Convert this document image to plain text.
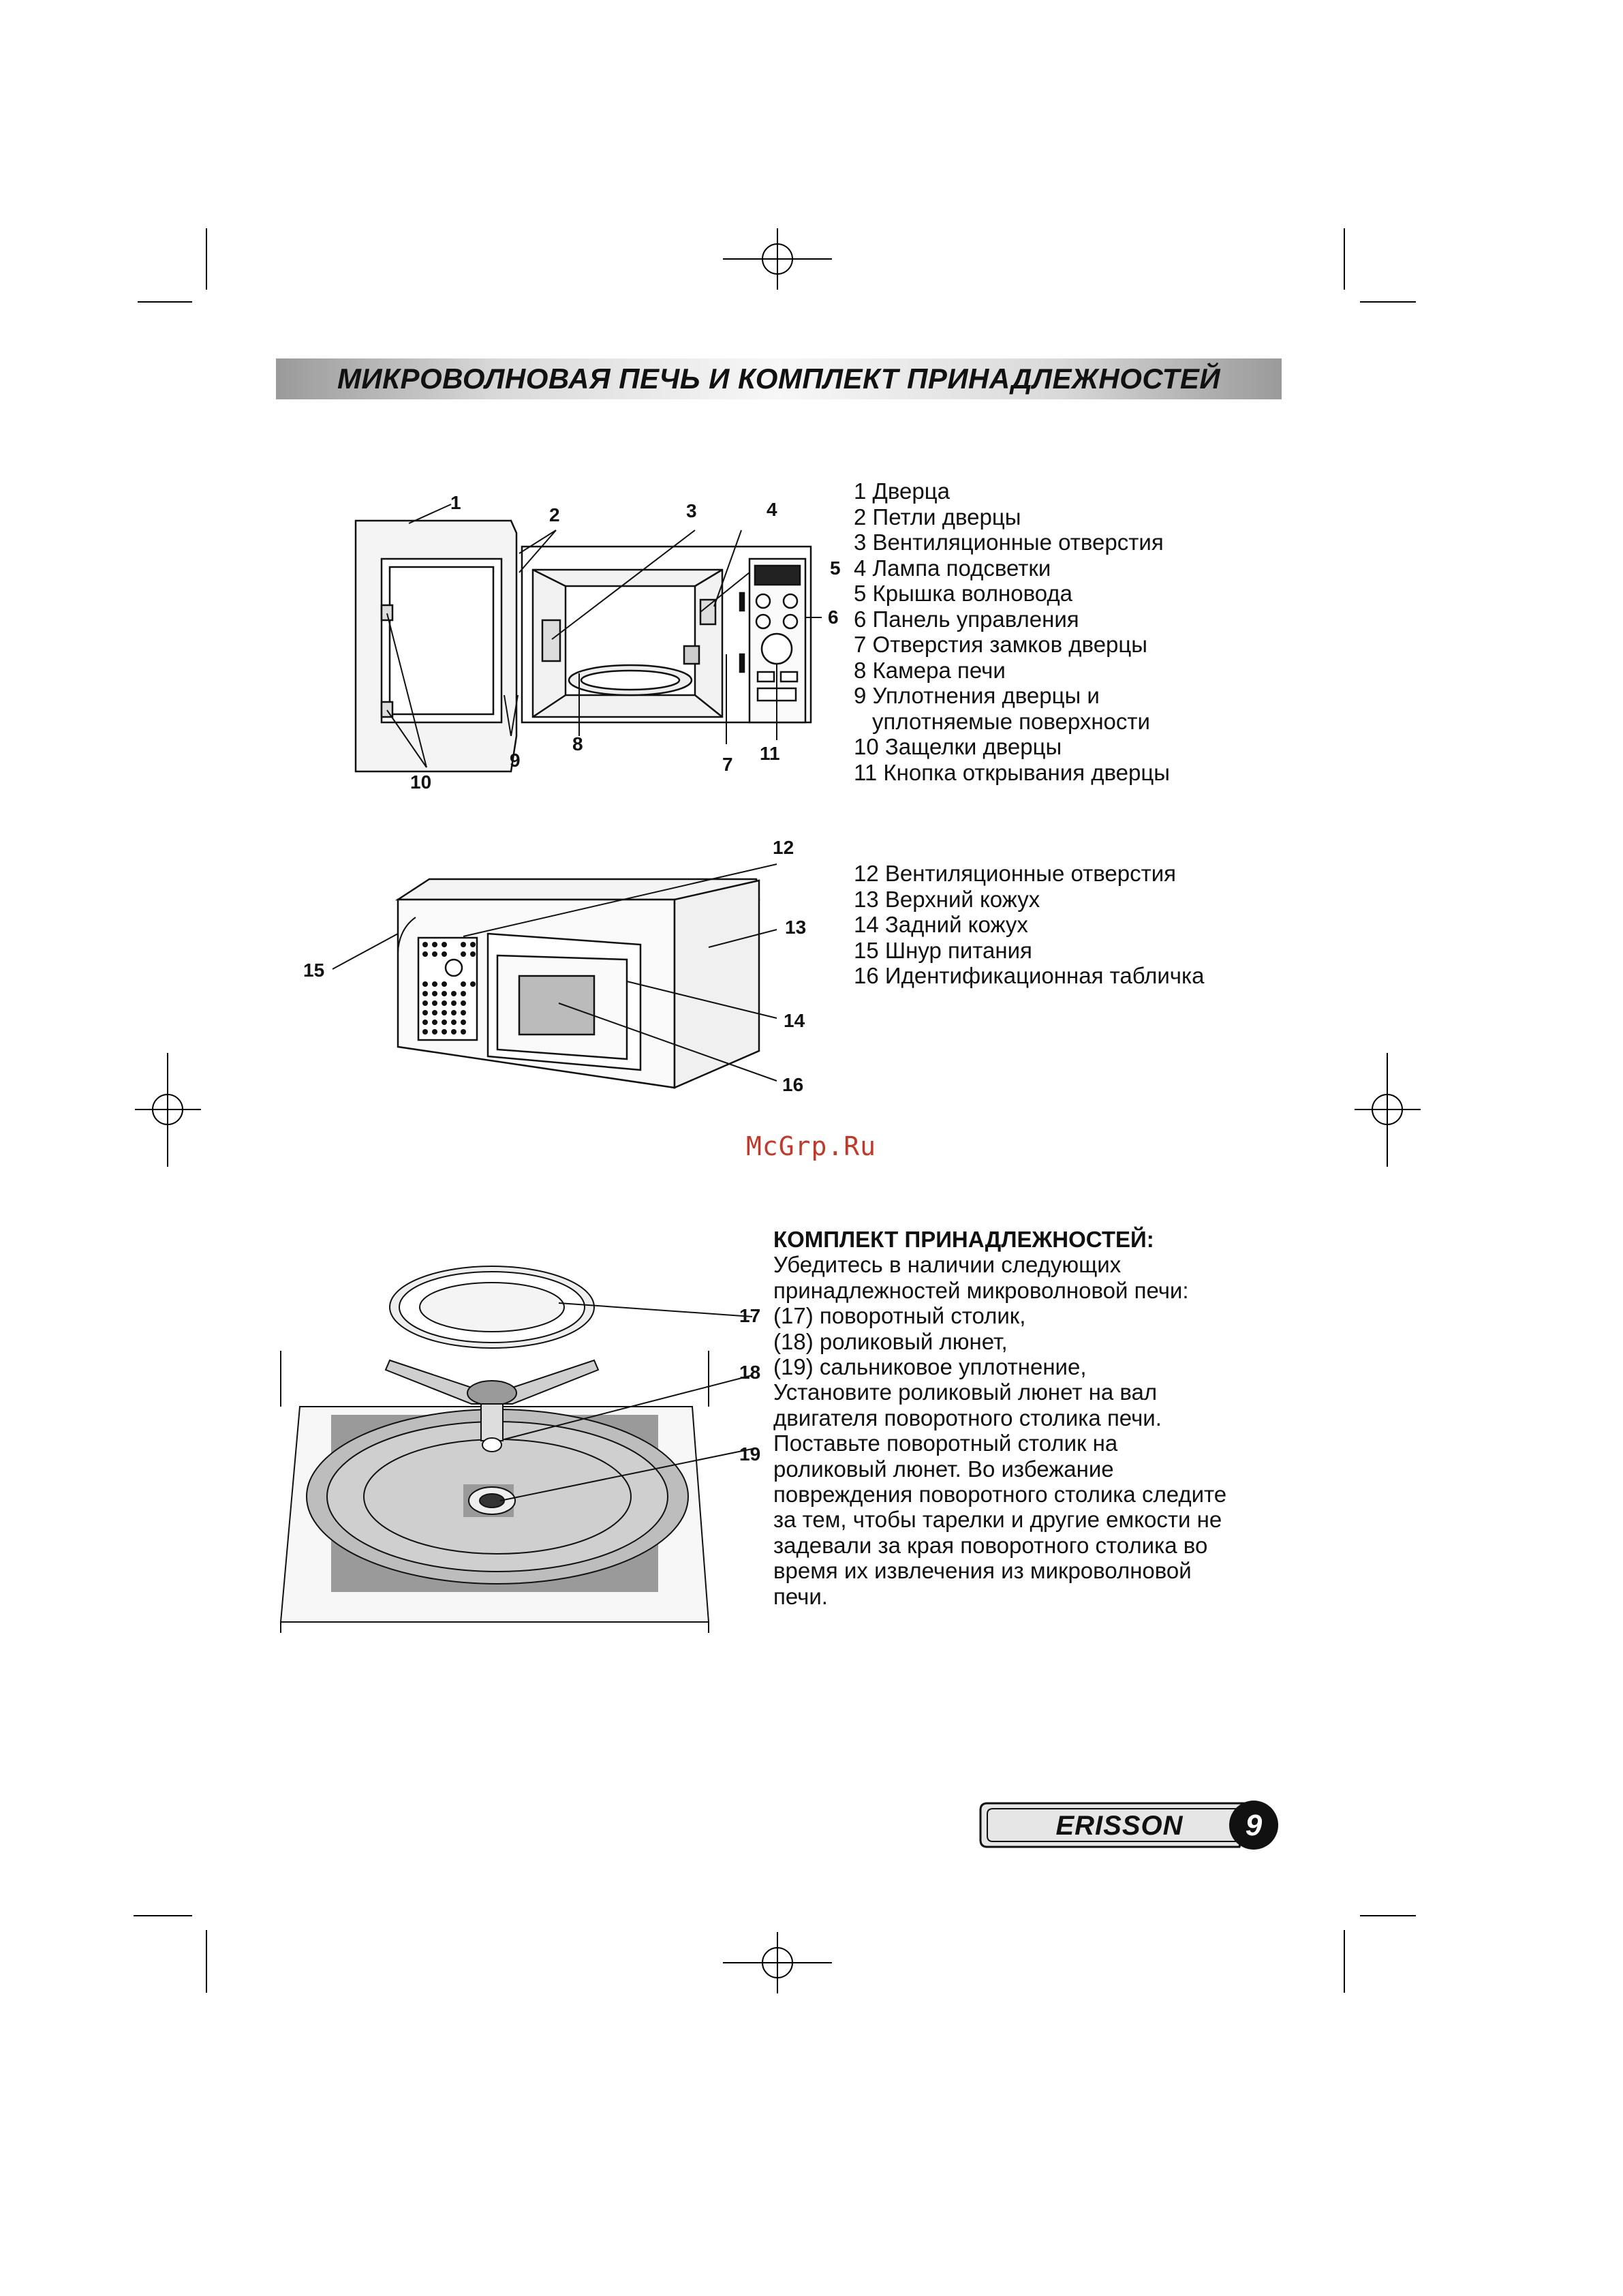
МИКРОВОЛНОВАЯ ПЕЧЬ И КОМПЛЕКТ ПРИНАДЛЕЖНОСТЕЙ
1
2	3	4
5
6
7
8
9
10
11
1 Дверца
2 Петли дверцы
3 Вентиляционные отверстия
4 Лампа подсветки
5 Крышка волновода
6 Панель управления
7 Отверстия замков дверцы
8 Камера печи
9 Уплотнения дверцы и
уплотняемые поверхности
10 Защелки дверцы
11 Кнопка открывания дверцы
12
13
14
15
16
12 Вентиляционные отверстия
13 Верхний кожух
14 Задний кожух
15 Шнур питания
16 Идентификационная табличка
McGrp.Ru
17
18
19
КОМПЛЕКТ ПРИНАДЛЕЖНОСТЕЙ:
Убедитесь в наличии следующих
принадлежностей микроволновой печи:
(17) поворотный столик,
(18) роликовый люнет,
(19) сальниковое уплотнение,
Установите роликовый люнет на вал
двигателя поворотного столика печи.
Поставьте поворотный столик на
роликовый люнет. Во избежание
повреждения поворотного столика следите
за тем, чтобы тарелки и другие емкости не
задевали за края поворотного столика во
время их извлечения из микроволновой
печи.
ERISSON 9
